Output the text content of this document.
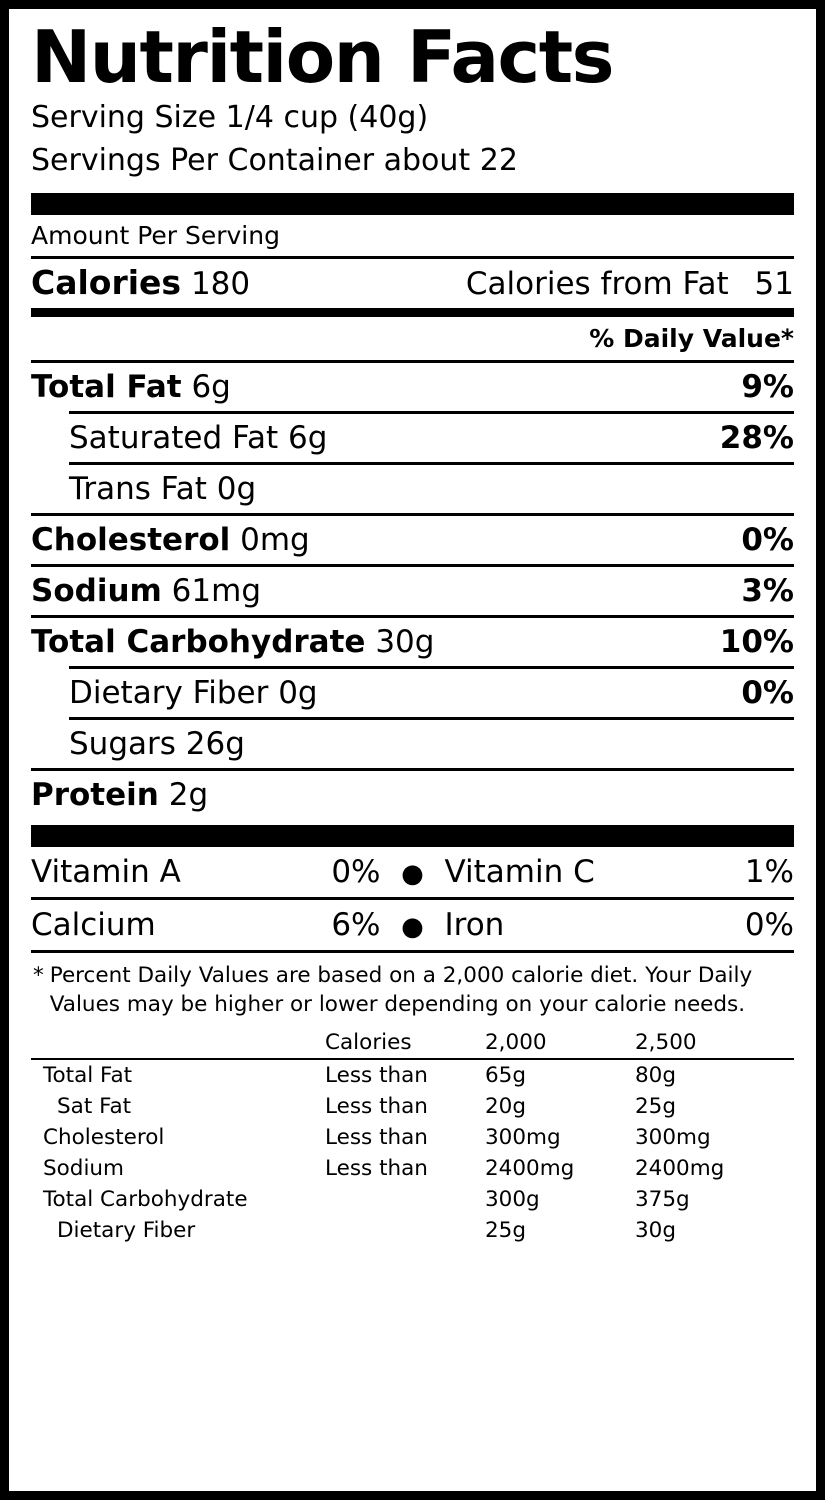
Nutrition Facts
Serving Size 1/4 cup (40g)
Servings Per Container about 22
Amount Per Serving
Calories 180	Calories from Fat 51
% Daily Value*
Total Fat 6g	9%
Saturated Fat 6g	28%
Trans Fat 0g
Cholesterol 0mg	0%
Sodium 61mg	3%
Total Carbohydrate 30g	10%
Dietary Fiber 0g	0%
Sugars 26g
Protein 2g
Vitamin A	0% ● Vitamin C	1%
Calcium	6% ● Iron	0%
* Percent Daily Values are based on a 2,000 calorie diet. Your Daily Values may be higher or lower depending on your calorie needs.
	Calories	2,000	2,500
Total Fat	Less than	65g	80g
Sat Fat	Less than	20g	25g
Cholesterol	Less than	300mg	300mg
Sodium	Less than	2400mg	2400mg
Total Carbohydrate		300g	375g
Dietary Fiber		25g	30g
